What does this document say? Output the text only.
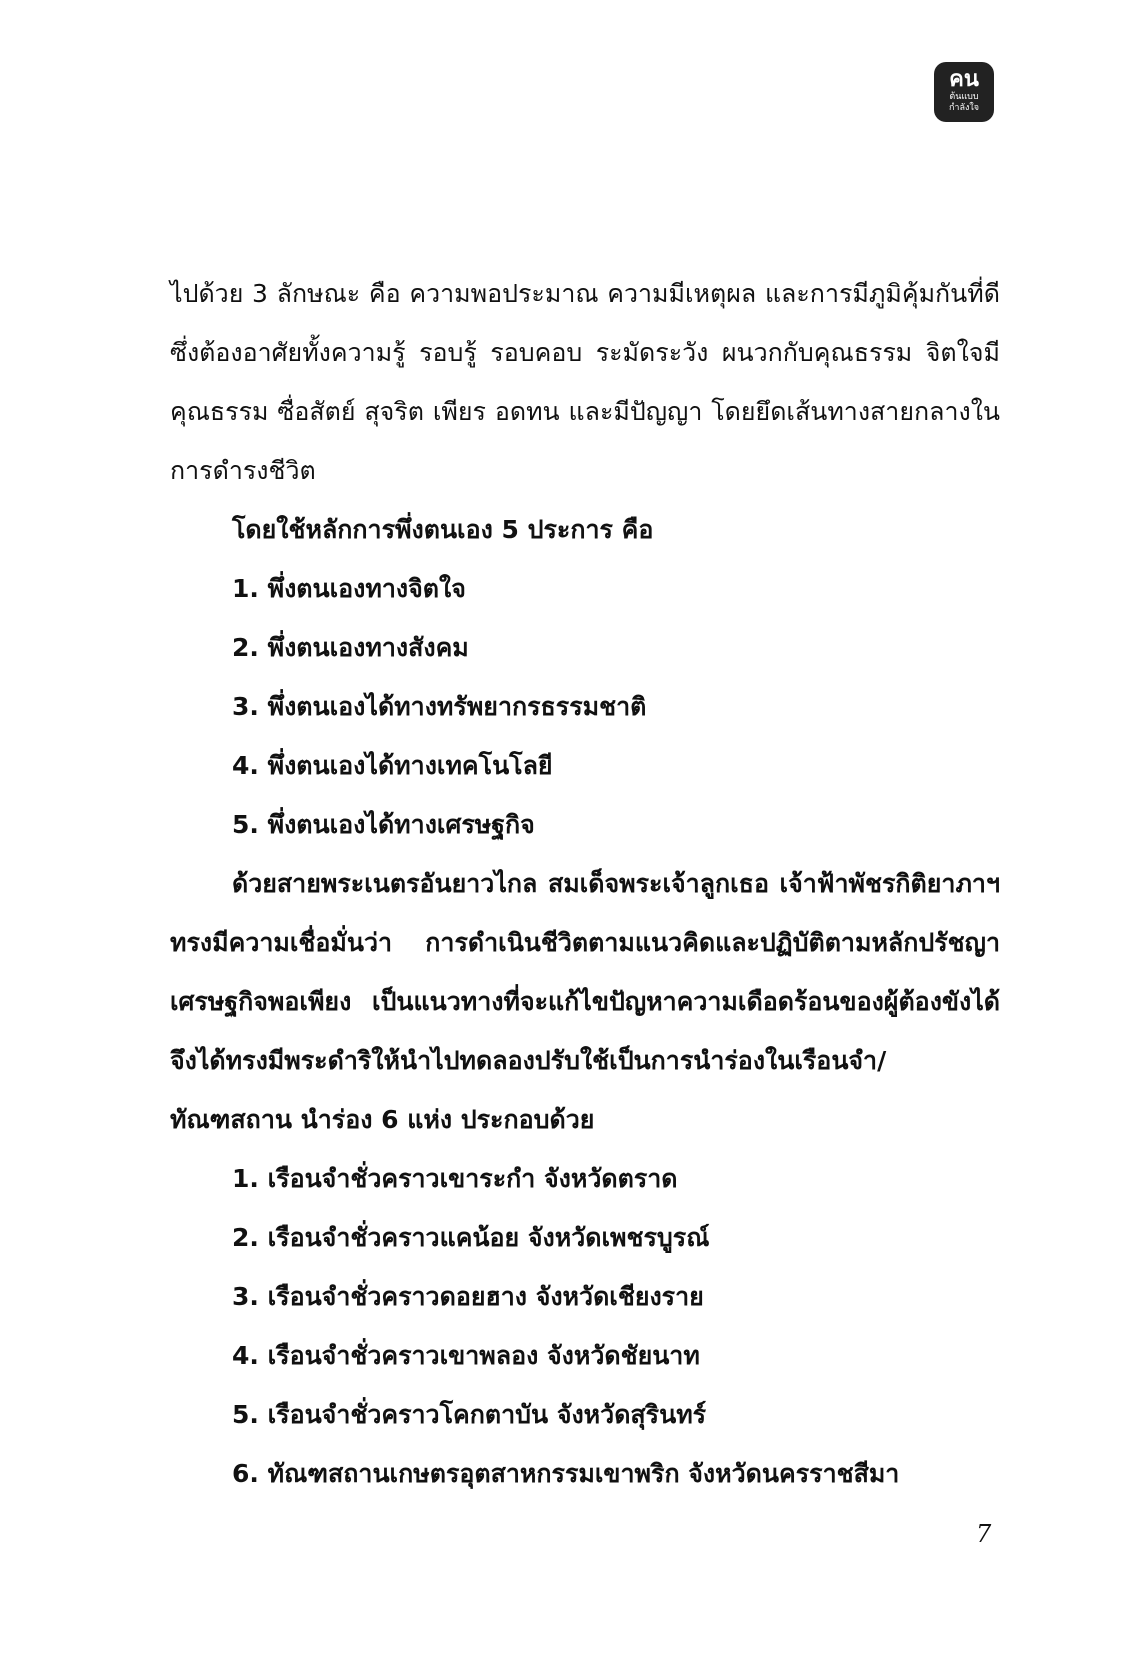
คน
ต้นแบบ
กำลังใจ

ไปด้วย 3 ลักษณะ คือ ความพอประมาณ ความมีเหตุผล และการมีภูมิคุ้มกันที่ดี ซึ่งต้องอาศัยทั้งความรู้ รอบรู้ รอบคอบ ระมัดระวัง ผนวกกับคุณธรรม จิตใจมีคุณธรรม ซื่อสัตย์ สุจริต เพียร อดทน และมีปัญญา โดยยึดเส้นทางสายกลางในการดำรงชีวิต

โดยใช้หลักการพึ่งตนเอง 5 ประการ คือ

1. พึ่งตนเองทางจิตใจ
2. พึ่งตนเองทางสังคม
3. พึ่งตนเองได้ทางทรัพยากรธรรมชาติ
4. พึ่งตนเองได้ทางเทคโนโลยี
5. พึ่งตนเองได้ทางเศรษฐกิจ

ด้วยสายพระเนตรอันยาวไกล สมเด็จพระเจ้าลูกเธอ เจ้าฟ้าพัชรกิติยาภาฯ ทรงมีความเชื่อมั่นว่า การดำเนินชีวิตตามแนวคิดและปฏิบัติตามหลักปรัชญาเศรษฐกิจพอเพียง เป็นแนวทางที่จะแก้ไขปัญหาความเดือดร้อนของผู้ต้องขังได้ จึงได้ทรงมีพระดำริให้นำไปทดลองปรับใช้เป็นการนำร่องในเรือนจำ/ทัณฑสถาน นำร่อง 6 แห่ง ประกอบด้วย

1. เรือนจำชั่วคราวเขาระกำ จังหวัดตราด
2. เรือนจำชั่วคราวแคน้อย จังหวัดเพชรบูรณ์
3. เรือนจำชั่วคราวดอยฮาง จังหวัดเชียงราย
4. เรือนจำชั่วคราวเขาพลอง จังหวัดชัยนาท
5. เรือนจำชั่วคราวโคกตาบัน จังหวัดสุรินทร์
6. ทัณฑสถานเกษตรอุตสาหกรรมเขาพริก จังหวัดนครราชสีมา
7
